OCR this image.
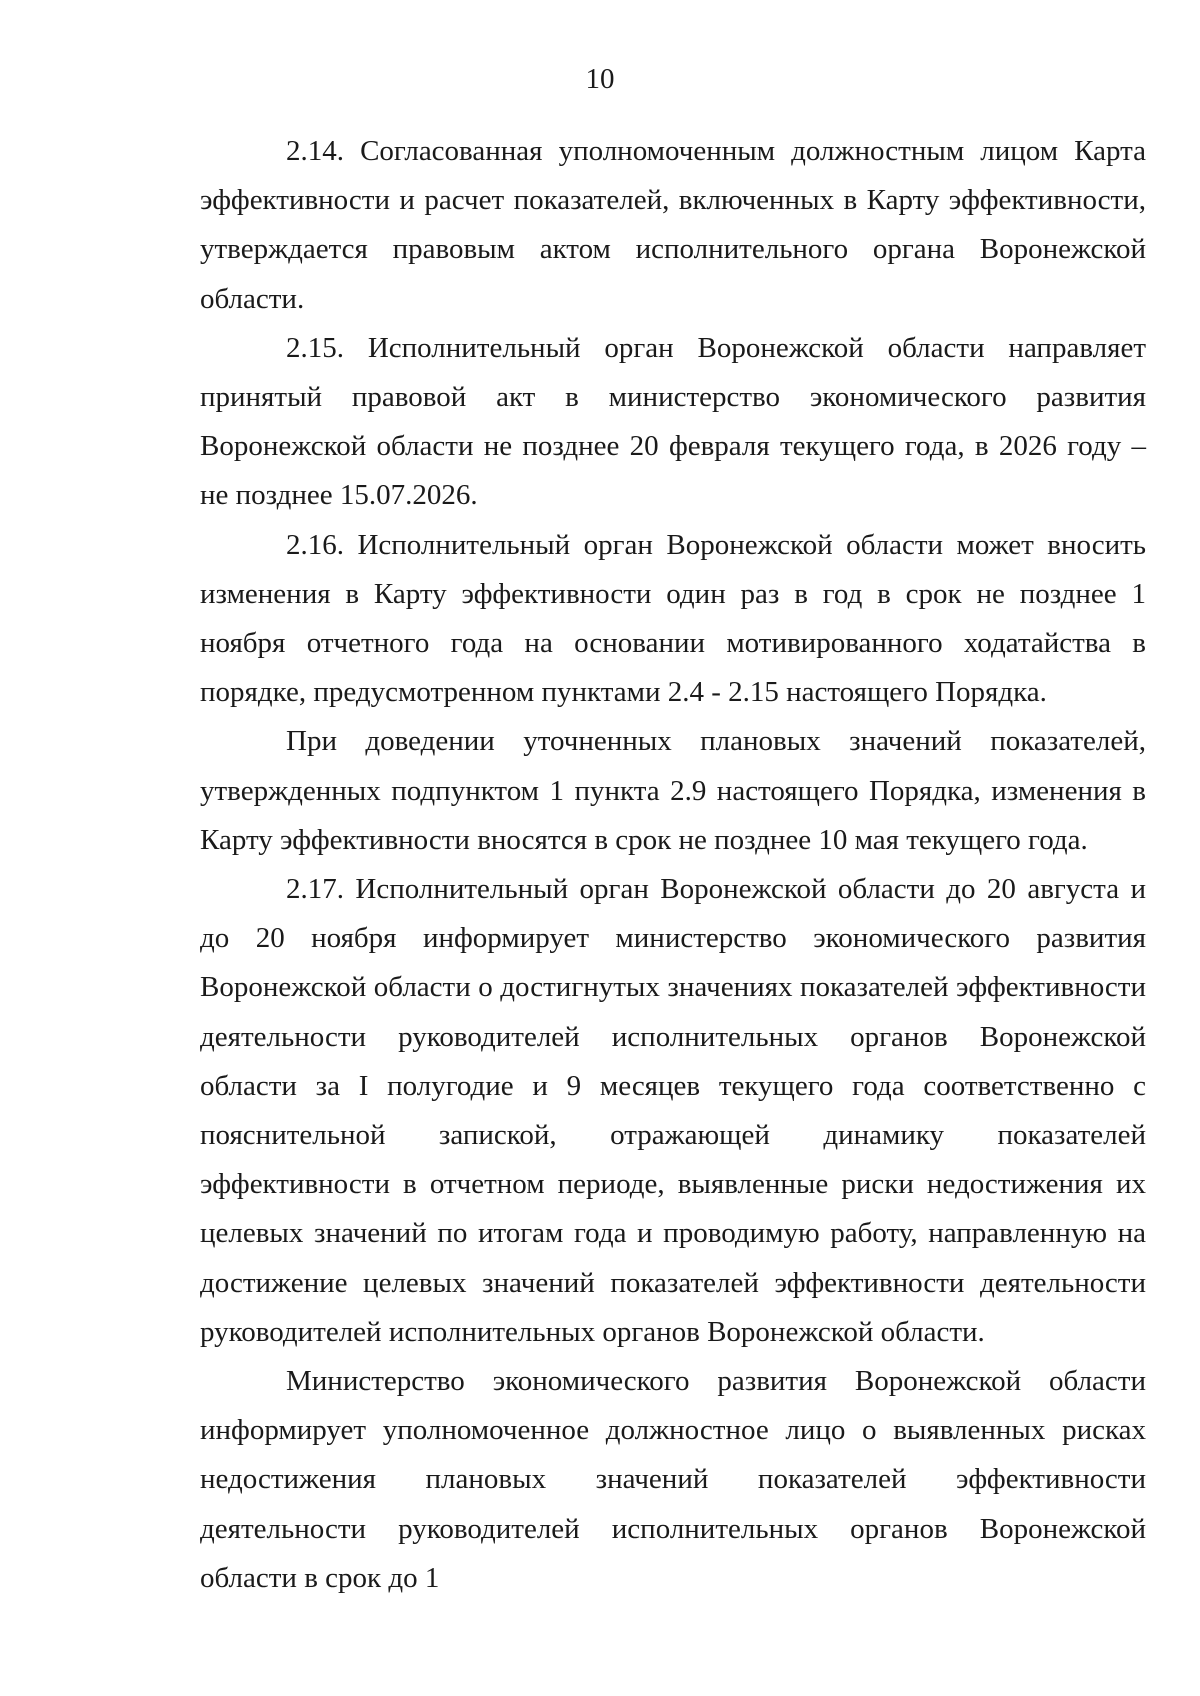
10

2.14. Согласованная уполномоченным должностным лицом Карта эффективности и расчет показателей, включенных в Карту эффективности, утверждается правовым актом исполнительного органа Воронежской области.

2.15. Исполнительный орган Воронежской области направляет принятый правовой акт в министерство экономического развития Воронежской области не позднее 20 февраля текущего года, в 2026 году – не позднее 15.07.2026.

2.16. Исполнительный орган Воронежской области может вносить изменения в Карту эффективности один раз в год в срок не позднее 1 ноября отчетного года на основании мотивированного ходатайства в порядке, предусмотренном пунктами 2.4 - 2.15 настоящего Порядка.

При доведении уточненных плановых значений показателей, утвержденных подпунктом 1 пункта 2.9 настоящего Порядка, изменения в Карту эффективности вносятся в срок не позднее 10 мая текущего года.

2.17. Исполнительный орган Воронежской области до 20 августа и до 20 ноября информирует министерство экономического развития Воронежской области о достигнутых значениях показателей эффективности деятельности руководителей исполнительных органов Воронежской области за I полугодие и 9 месяцев текущего года соответственно с пояснительной запиской, отражающей динамику показателей эффективности в отчетном периоде, выявленные риски недостижения их целевых значений по итогам года и проводимую работу, направленную на достижение целевых значений показателей эффективности деятельности руководителей исполнительных органов Воронежской области.

Министерство экономического развития Воронежской области информирует уполномоченное должностное лицо о выявленных рисках недостижения плановых значений показателей эффективности деятельности руководителей исполнительных органов Воронежской области в срок до 1
